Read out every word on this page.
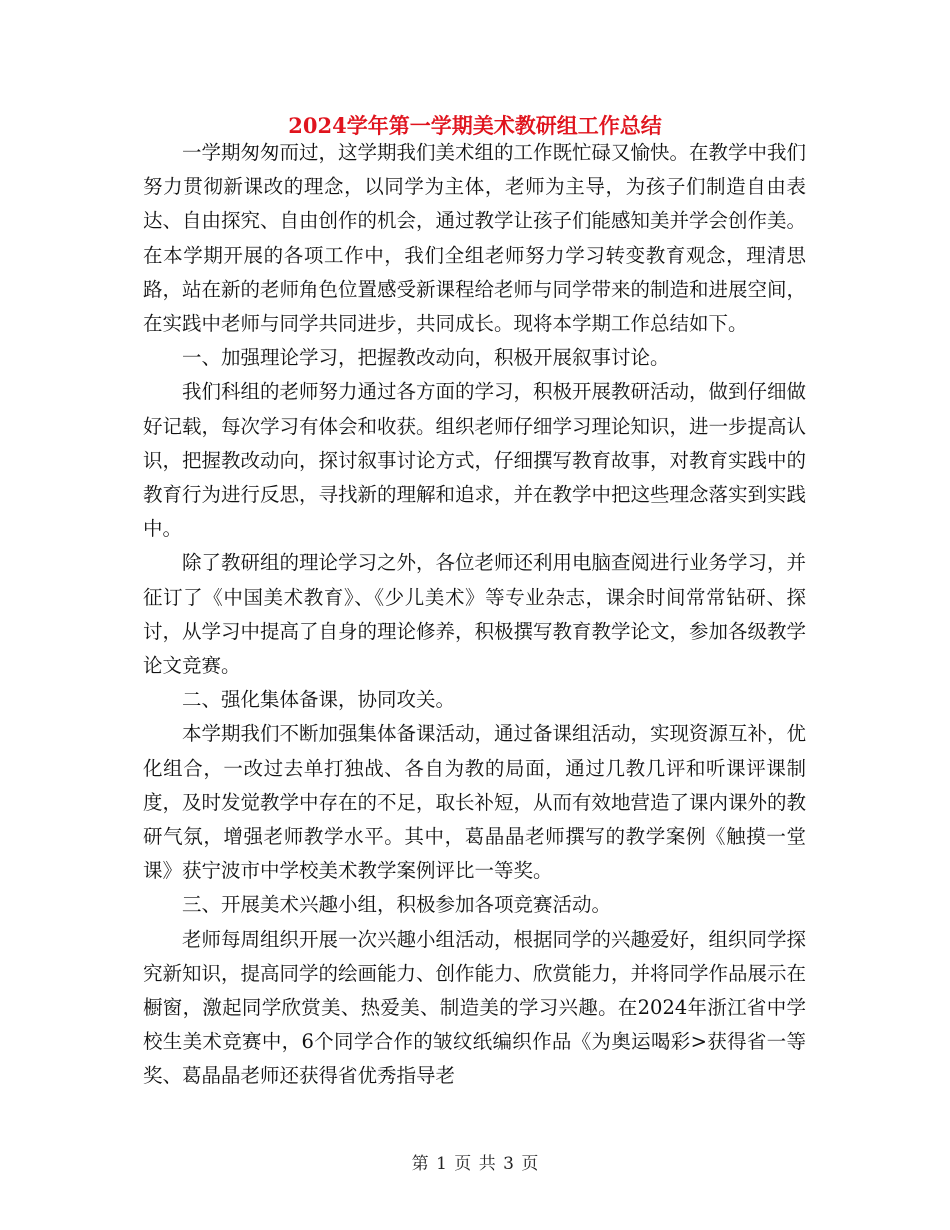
2024学年第一学期美术教研组工作总结

一学期匆匆而过，这学期我们美术组的工作既忙碌又愉快。在教学中我们努力贯彻新课改的理念，以同学为主体，老师为主导，为孩子们制造自由表达、自由探究、自由创作的机会，通过教学让孩子们能感知美并学会创作美。在本学期开展的各项工作中，我们全组老师努力学习转变教育观念，理清思路，站在新的老师角色位置感受新课程给老师与同学带来的制造和进展空间，在实践中老师与同学共同进步，共同成长。现将本学期工作总结如下。

一、加强理论学习，把握教改动向，积极开展叙事讨论。

我们科组的老师努力通过各方面的学习，积极开展教研活动，做到仔细做好记载，每次学习有体会和收获。组织老师仔细学习理论知识，进一步提高认识，把握教改动向，探讨叙事讨论方式，仔细撰写教育故事，对教育实践中的教育行为进行反思，寻找新的理解和追求，并在教学中把这些理念落实到实践中。

除了教研组的理论学习之外，各位老师还利用电脑查阅进行业务学习，并征订了《中国美术教育》、《少儿美术》等专业杂志，课余时间常常钻研、探讨，从学习中提高了自身的理论修养，积极撰写教育教学论文，参加各级教学论文竞赛。

二、强化集体备课，协同攻关。

本学期我们不断加强集体备课活动，通过备课组活动，实现资源互补，优化组合，一改过去单打独战、各自为教的局面，通过几教几评和听课评课制度，及时发觉教学中存在的不足，取长补短，从而有效地营造了课内课外的教研气氛，增强老师教学水平。其中，葛晶晶老师撰写的教学案例《触摸一堂课》获宁波市中学校美术教学案例评比一等奖。

三、开展美术兴趣小组，积极参加各项竞赛活动。

老师每周组织开展一次兴趣小组活动，根据同学的兴趣爱好，组织同学探究新知识，提高同学的绘画能力、创作能力、欣赏能力，并将同学作品展示在橱窗，激起同学欣赏美、热爱美、制造美的学习兴趣。在2024年浙江省中学校生美术竞赛中，6个同学合作的皱纹纸编织作品《为奥运喝彩>获得省一等奖、葛晶晶老师还获得省优秀指导老

第 1 页 共 3 页
